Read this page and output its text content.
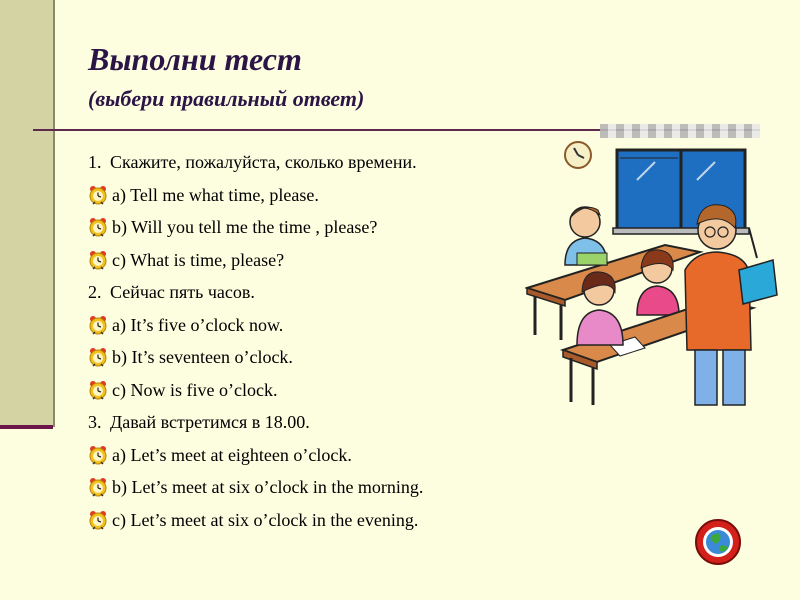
Выполни тест
(выбери правильный ответ)
1. Скажите, пожалуйста, сколько времени.
a) Tell me what time, please.
b) Will you tell me the time , please?
c) What is time, please?
2. Сейчас пять часов.
a) It’s five o’clock now.
b) It’s seventeen o’clock.
c) Now is five o’clock.
3. Давай встретимся в 18.00.
a) Let’s meet at eighteen o’clock.
b) Let’s meet at six o’clock in the morning.
c) Let’s meet at six o’clock in the evening.
